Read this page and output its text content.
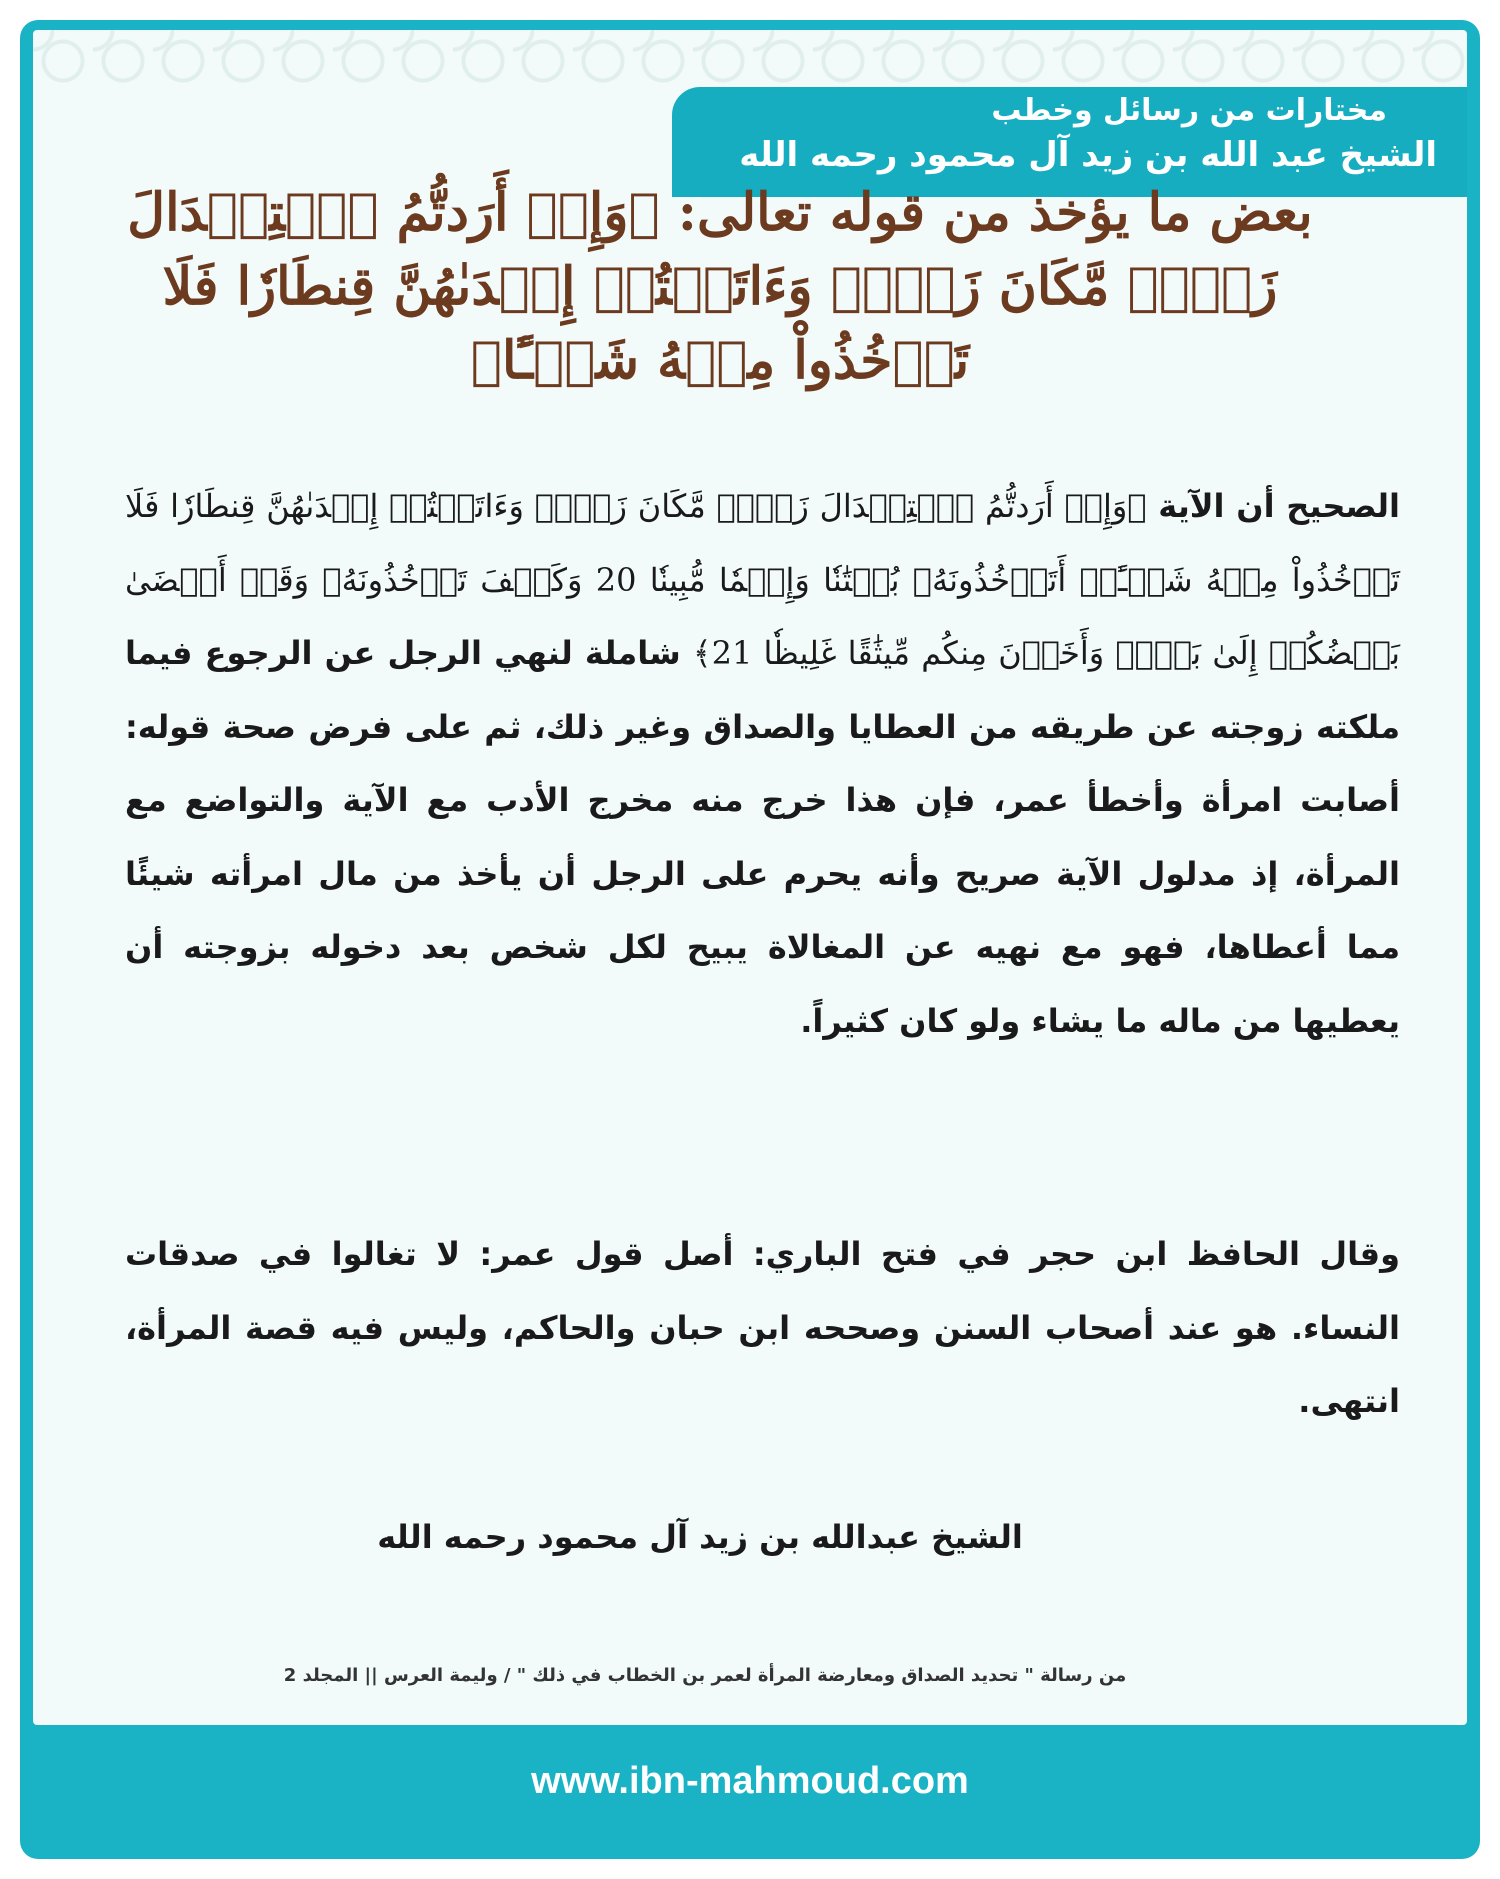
مختارات من رسائل وخطب
الشيخ عبد الله بن زيد آل محمود رحمه الله
بعض ما يؤخذ من قوله تعالى: ﴿وَإِنۡ أَرَدتُّمُ ٱسۡتِبۡدَالَ زَوۡجٖ مَّكَانَ زَوۡجٖ وَءَاتَيۡتُمۡ إِحۡدَىٰهُنَّ قِنطَارٗا فَلَا تَأۡخُذُواْ مِنۡهُ شَيۡـًٔا﴾
الصحيح أن الآية ﴿وَإِنۡ أَرَدتُّمُ ٱسۡتِبۡدَالَ زَوۡجٖ مَّكَانَ زَوۡجٖ وَءَاتَيۡتُمۡ إِحۡدَىٰهُنَّ قِنطَارٗا فَلَا تَأۡخُذُواْ مِنۡهُ شَيۡـًٔاۚ أَتَأۡخُذُونَهُۥ بُهۡتَٰنٗا وَإِثۡمٗا مُّبِينٗا 20 وَكَيۡفَ تَأۡخُذُونَهُۥ وَقَدۡ أَفۡضَىٰ بَعۡضُكُمۡ إِلَىٰ بَعۡضٖ وَأَخَذۡنَ مِنكُم مِّيثَٰقًا غَلِيظٗا 21﴾ شاملة لنهي الرجل عن الرجوع فيما ملكته زوجته عن طريقه من العطايا والصداق وغير ذلك، ثم على فرض صحة قوله: أصابت امرأة وأخطأ عمر، فإن هذا خرج منه مخرج الأدب مع الآية والتواضع مع المرأة، إذ مدلول الآية صريح وأنه يحرم على الرجل أن يأخذ من مال امرأته شيئًا مما أعطاها، فهو مع نهيه عن المغالاة يبيح لكل شخص بعد دخوله بزوجته أن يعطيها من ماله ما يشاء ولو كان كثيراً.
وقال الحافظ ابن حجر في فتح الباري: أصل قول عمر: لا تغالوا في صدقات النساء. هو عند أصحاب السنن وصححه ابن حبان والحاكم، وليس فيه قصة المرأة، انتهى.
الشيخ عبدالله بن زيد آل محمود رحمه الله
من رسالة " تحديد الصداق ومعارضة المرأة لعمر بن الخطاب في ذلك " / وليمة العرس || المجلد 2
www.ibn-mahmoud.com
